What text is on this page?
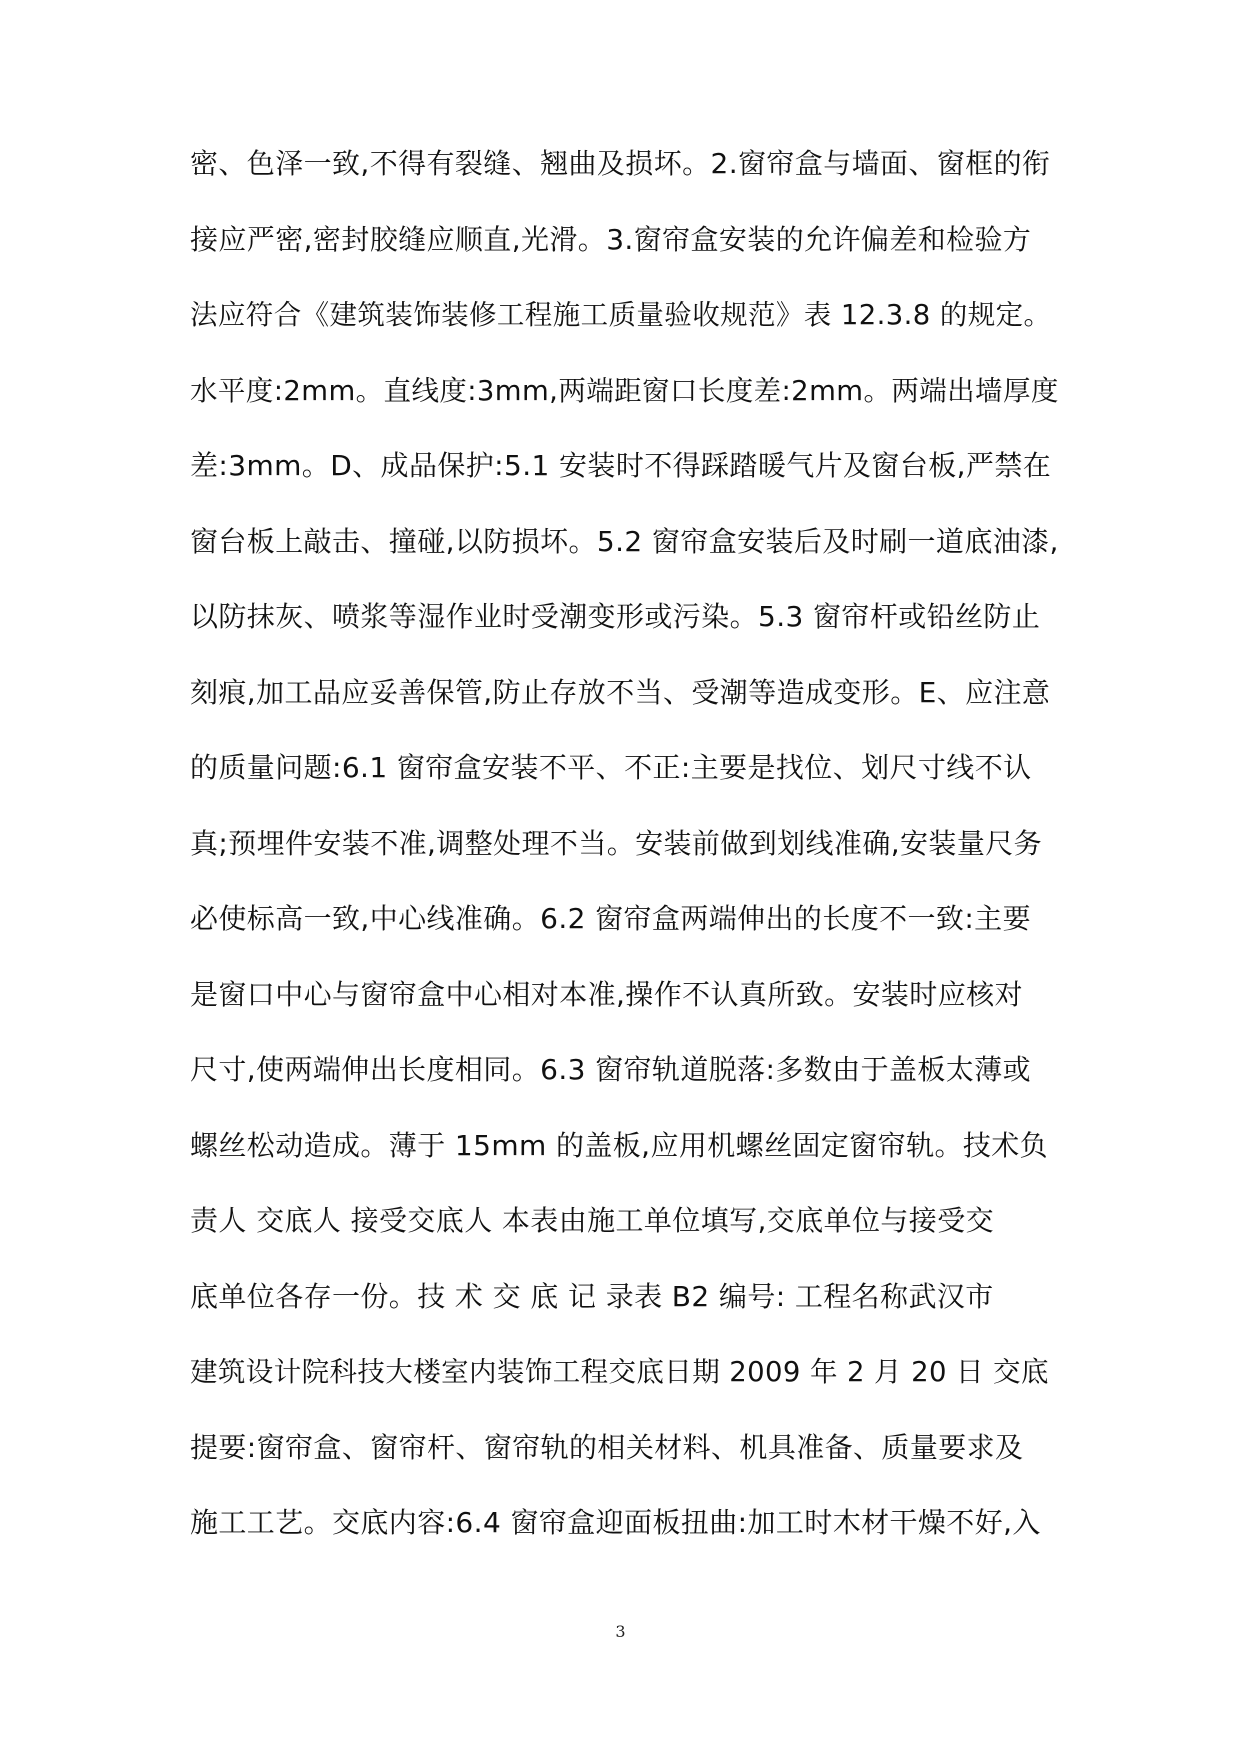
密、色泽一致,不得有裂缝、翘曲及损坏。2.窗帘盒与墙面、窗框的衔
接应严密,密封胶缝应顺直,光滑。3.窗帘盒安装的允许偏差和检验方
法应符合《建筑装饰装修工程施工质量验收规范》表 12.3.8 的规定。
水平度:2mm。直线度:3mm,两端距窗口长度差:2mm。两端出墙厚度
差:3mm。D、成品保护:5.1 安装时不得踩踏暖气片及窗台板,严禁在
窗台板上敲击、撞碰,以防损坏。5.2 窗帘盒安装后及时刷一道底油漆,
以防抹灰、喷浆等湿作业时受潮变形或污染。5.3 窗帘杆或铅丝防止
刻痕,加工品应妥善保管,防止存放不当、受潮等造成变形。E、应注意
的质量问题:6.1 窗帘盒安装不平、不正:主要是找位、划尺寸线不认
真;预埋件安装不准,调整处理不当。安装前做到划线准确,安装量尺务
必使标高一致,中心线准确。6.2 窗帘盒两端伸出的长度不一致:主要
是窗口中心与窗帘盒中心相对本准,操作不认真所致。安装时应核对
尺寸,使两端伸出长度相同。6.3 窗帘轨道脱落:多数由于盖板太薄或
螺丝松动造成。薄于 15mm 的盖板,应用机螺丝固定窗帘轨。技术负
责人 交底人 接受交底人 本表由施工单位填写,交底单位与接受交
底单位各存一份。技 术 交 底 记 录表 B2 编号: 工程名称武汉市
建筑设计院科技大楼室内装饰工程交底日期 2009 年 2 月 20 日 交底
提要:窗帘盒、窗帘杆、窗帘轨的相关材料、机具准备、质量要求及
施工工艺。交底内容:6.4 窗帘盒迎面板扭曲:加工时木材干燥不好,入
3
